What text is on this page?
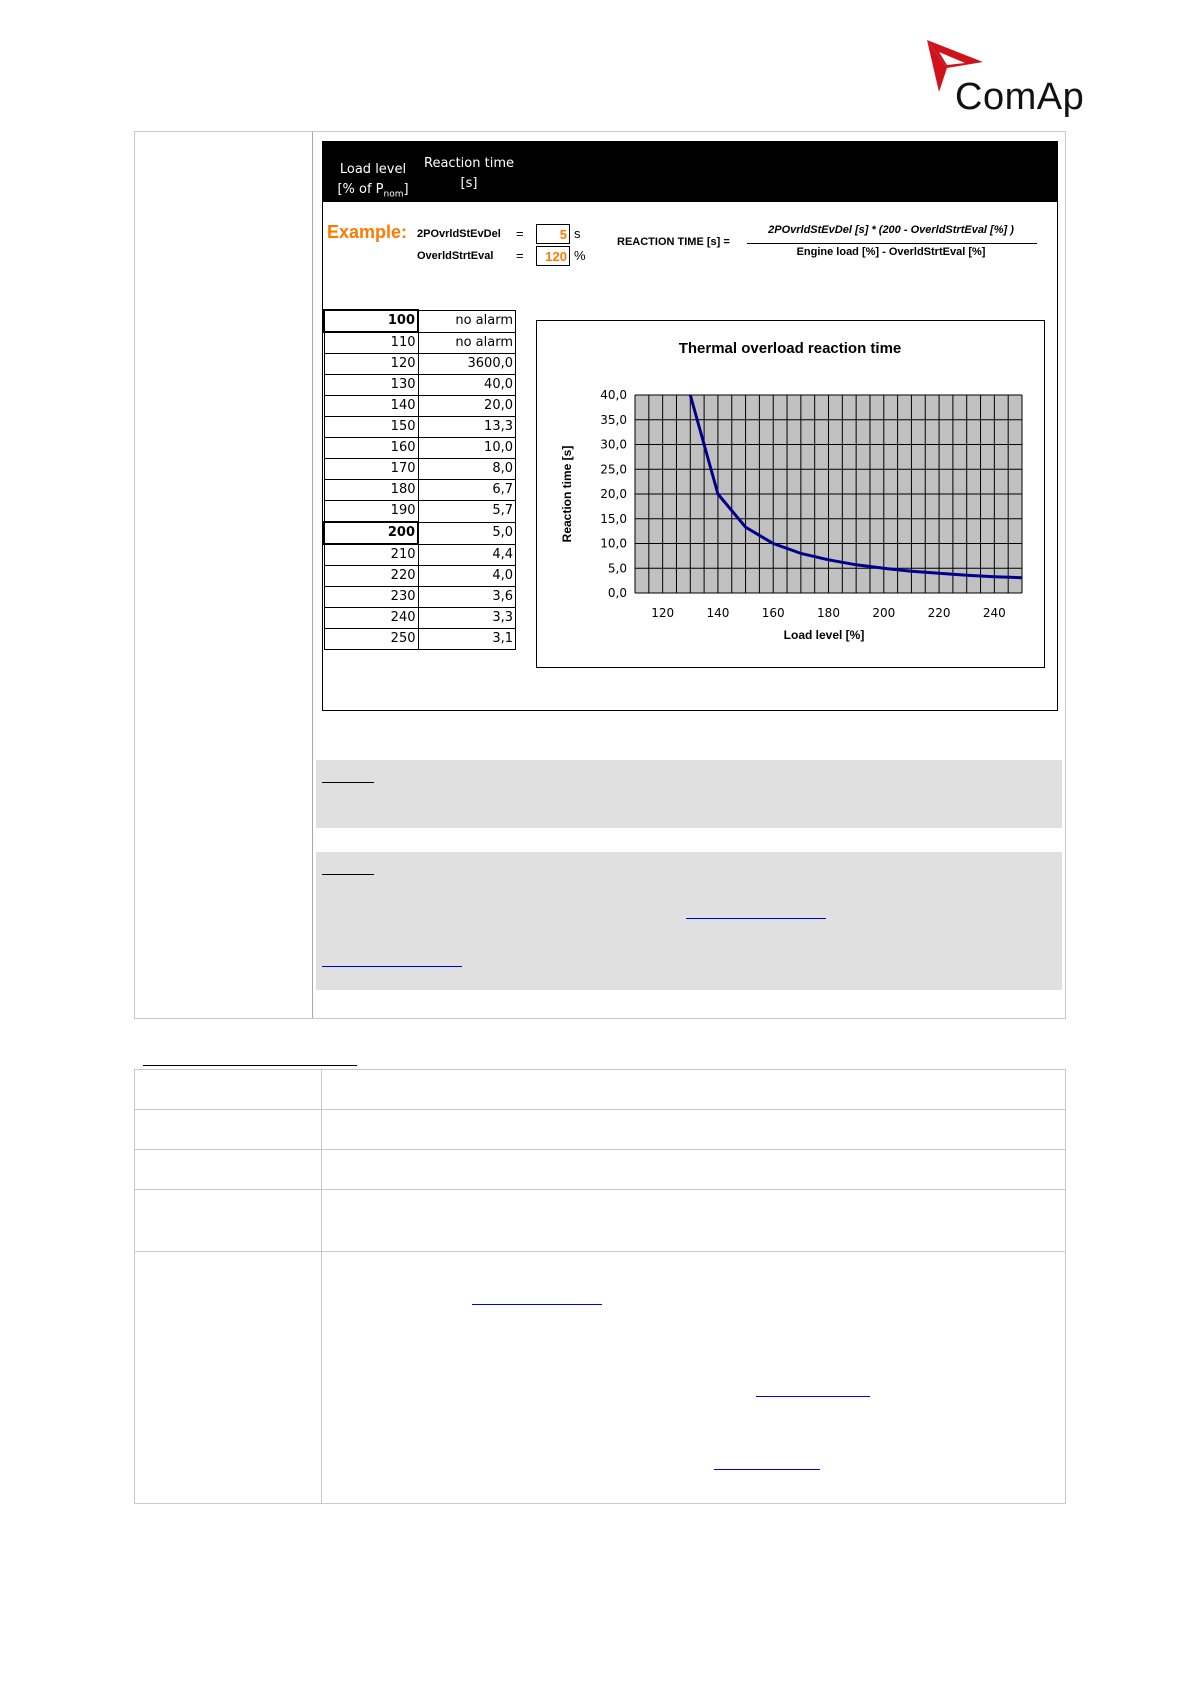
ComAp
Load level
[% of $P_{nom}$]
Reaction time
[s]
Example: 2POvrldStEvDel =	5 s
OverldStrtEval =	120 %
REACTION TIME [s] =
2POvrldStEvDel [s] * (200 - OverldStrtEval [%] )
Engine load [%] - OverldStrtEval [%]
100	no alarm
110	no alarm
120	3600,0
130	40,0
140	20,0
150	13,3
160	10,0
170	8,0
180	6,7
190	5,7
200	5,0
210	4,4
220	4,0
230	3,6
240	3,3
250	3,1
0,0
5,0
10,0
15,0
20,0
25,0
30,0
35,0
40,0
120	140	160	180	200	220	240
Thermal overload reaction time
Load level [%]
Reaction time [s]
